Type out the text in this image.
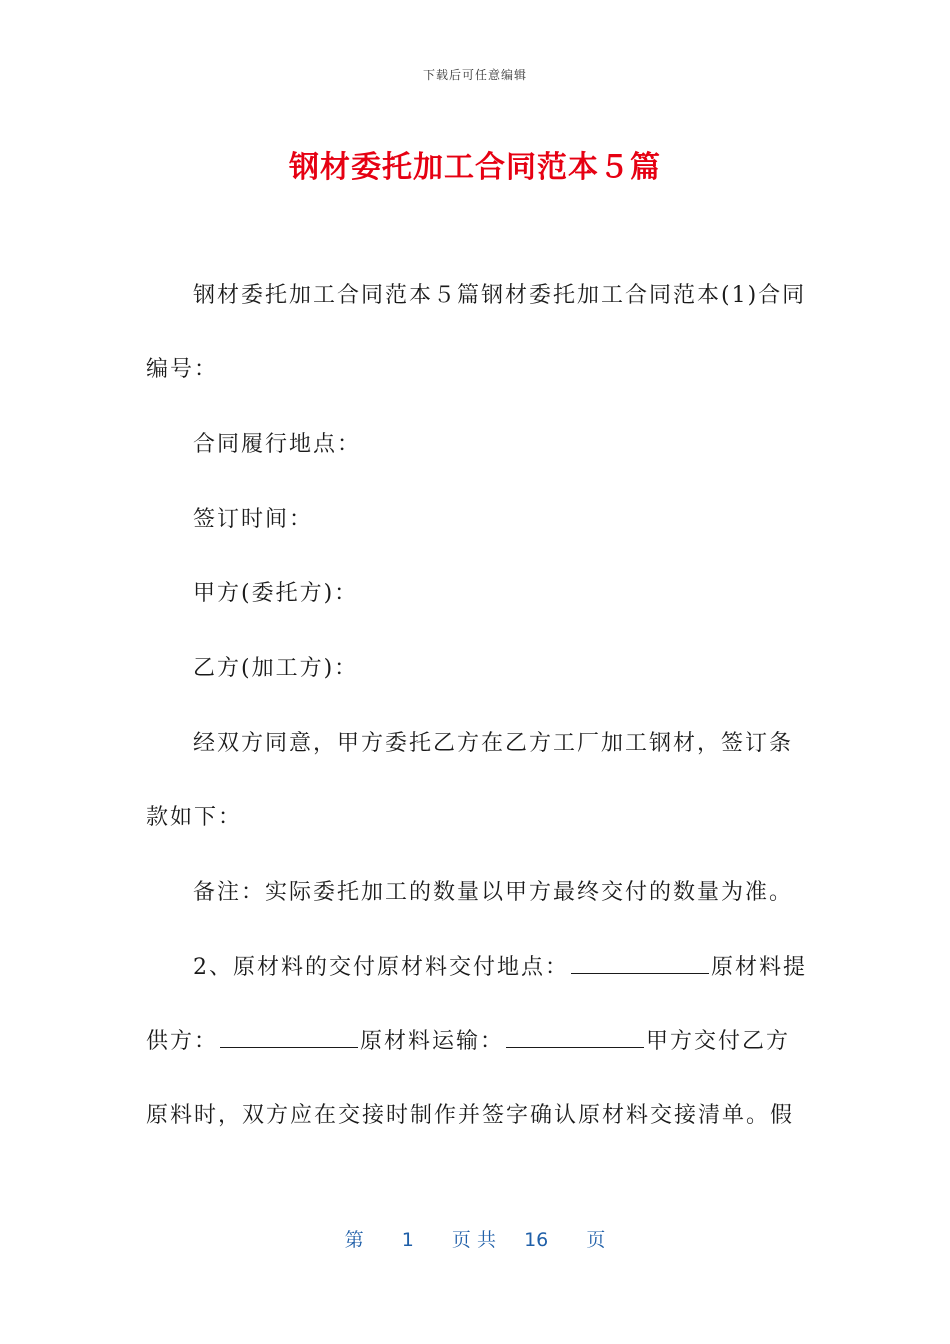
下载后可任意编辑
钢材委托加工合同范本５篇
钢材委托加工合同范本５篇钢材委托加工合同范本(1)合同
编号：
合同履行地点：
签订时间：
甲方(委托方)：
乙方(加工方)：
经双方同意，甲方委托乙方在乙方工厂加工钢材，签订条
款如下：
备注：实际委托加工的数量以甲方最终交付的数量为准。
2、原材料的交付原材料交付地点：	原材料提
供方：	原材料运输：	甲方交付乙方
原料时，双方应在交接时制作并签字确认原材料交接清单。假
第 1 页 共 16 页
